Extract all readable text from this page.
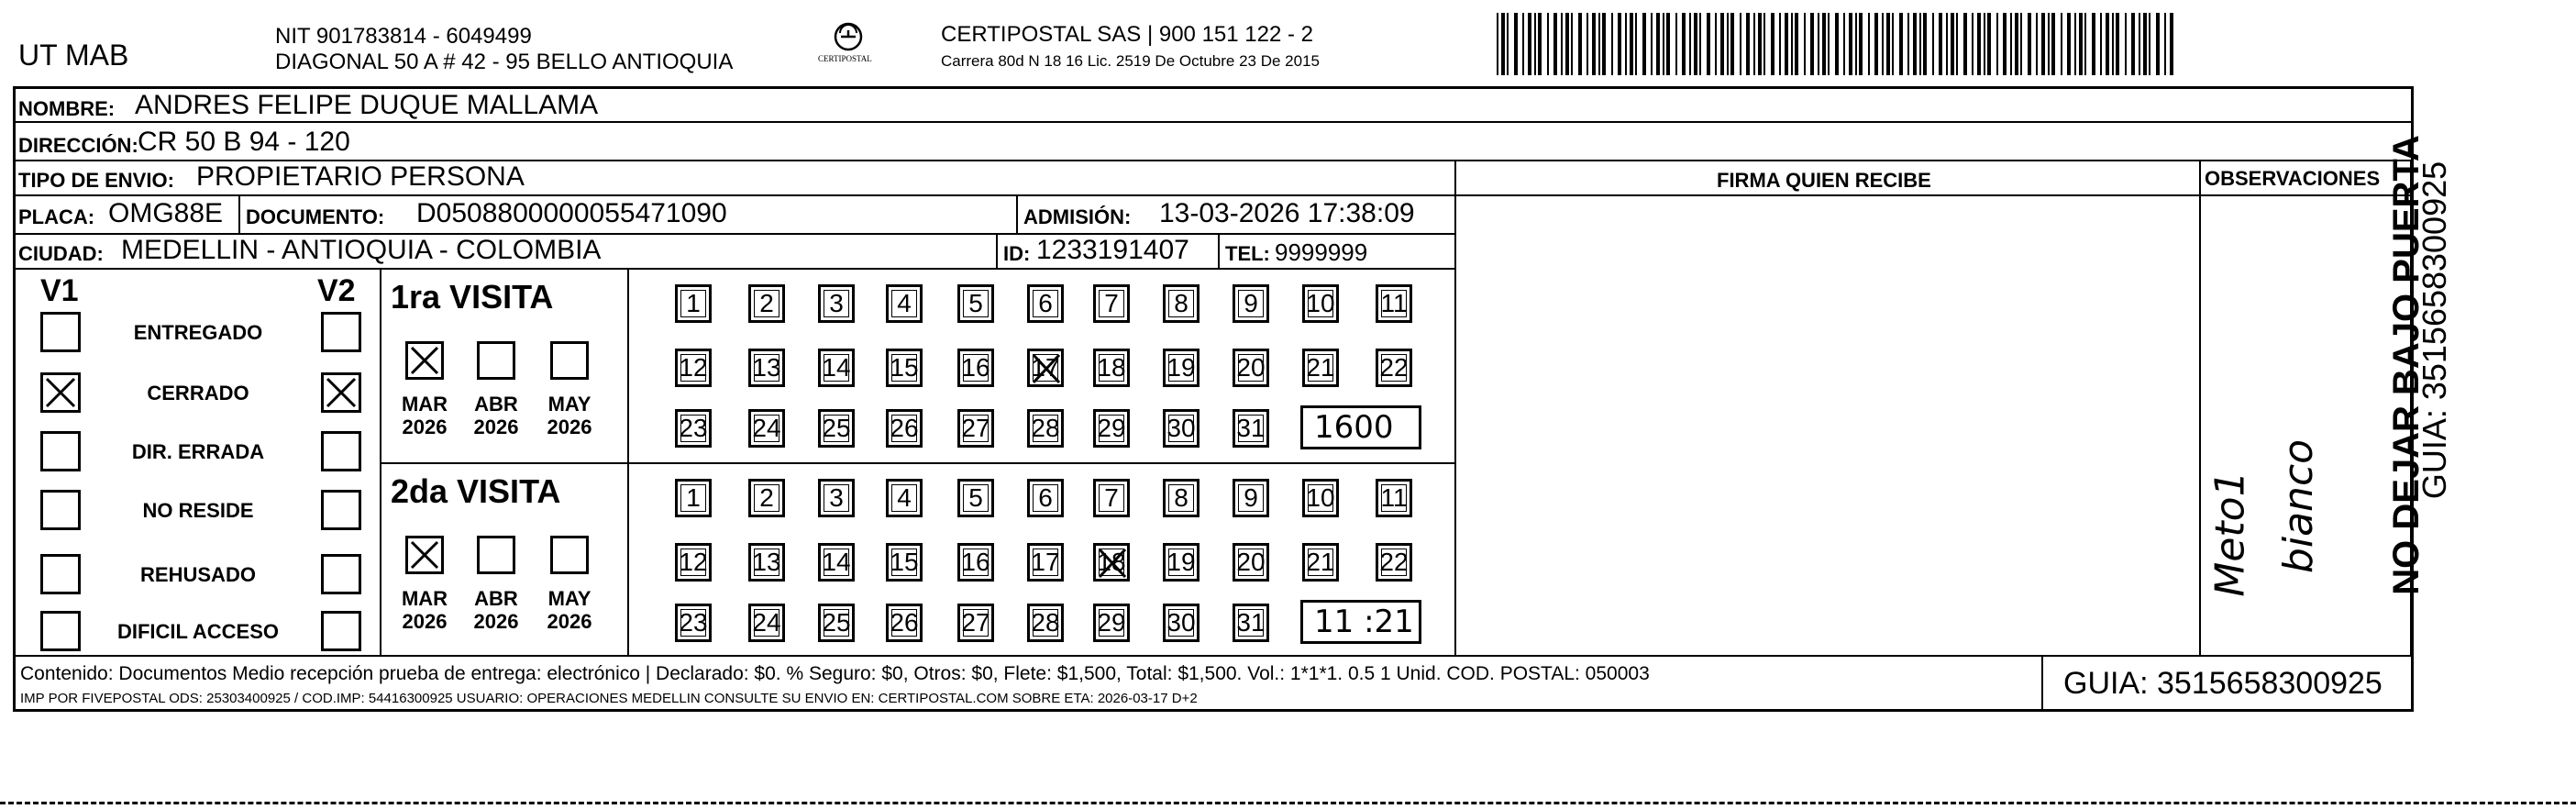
UT MAB
NIT 901783814 - 6049499
DIAGONAL 50 A # 42 - 95 BELLO ANTIOQUIA	CERTIPOSTAL
CERTIPOSTAL SAS | 900 151 122 - 2
Carrera 80d N 18 16 Lic. 2519 De Octubre 23 De 2015
NOMBRE: ANDRES FELIPE DUQUE MALLAMA
DIRECCIÓN: CR 50 B 94 - 120
TIPO DE ENVIO: PROPIETARIO PERSONA	FIRMA QUIEN RECIBE	OBSERVACIONES
PLACA: OMG88E DOCUMENTO: D0508800000055471090	ADMISIÓN: 13-03-2026 17:38:09
CIUDAD: MEDELLIN - ANTIOQUIA - COLOMBIA	ID: 1233191407 TEL: 9999999
V1	V2
ENTREGADO
CERRADO
DIR. ERRADA
NO RESIDE
REHUSADO
DIFICIL ACCESO
1ra VISITA
MAR
2026
ABR
2026
MAY
2026
1	2	3	4	5	6	7	8	9	10 11
12 13 14 15 16 17 18 19 20 21 22
23 24 25 26 27 28 29 30 31 1600
2da VISITA
MAR
2026
ABR
2026
MAY
2026
1	2	3	4	5	6	7	8	9	10 11
12 13 14 15 16 17 18 19 20 21 22
23 24 25 26 27 28 29 30 31 11 :21
Meto1 bianco
Contenido: Documentos Medio recepción prueba de entrega: electrónico | Declarado: $0. % Seguro: $0, Otros: $0, Flete: $1,500, Total: $1,500. Vol.: 1*1*1. 0.5 1 Unid. COD. POSTAL: 050003
IMP POR FIVEPOSTAL ODS: 25303400925 / COD.IMP: 54416300925 USUARIO: OPERACIONES MEDELLIN CONSULTE SU ENVIO EN: CERTIPOSTAL.COM SOBRE ETA: 2026-03-17 D+2	GUIA: 3515658300925
NO DEJAR BAJO PUERTA
GUIA: 3515658300925
